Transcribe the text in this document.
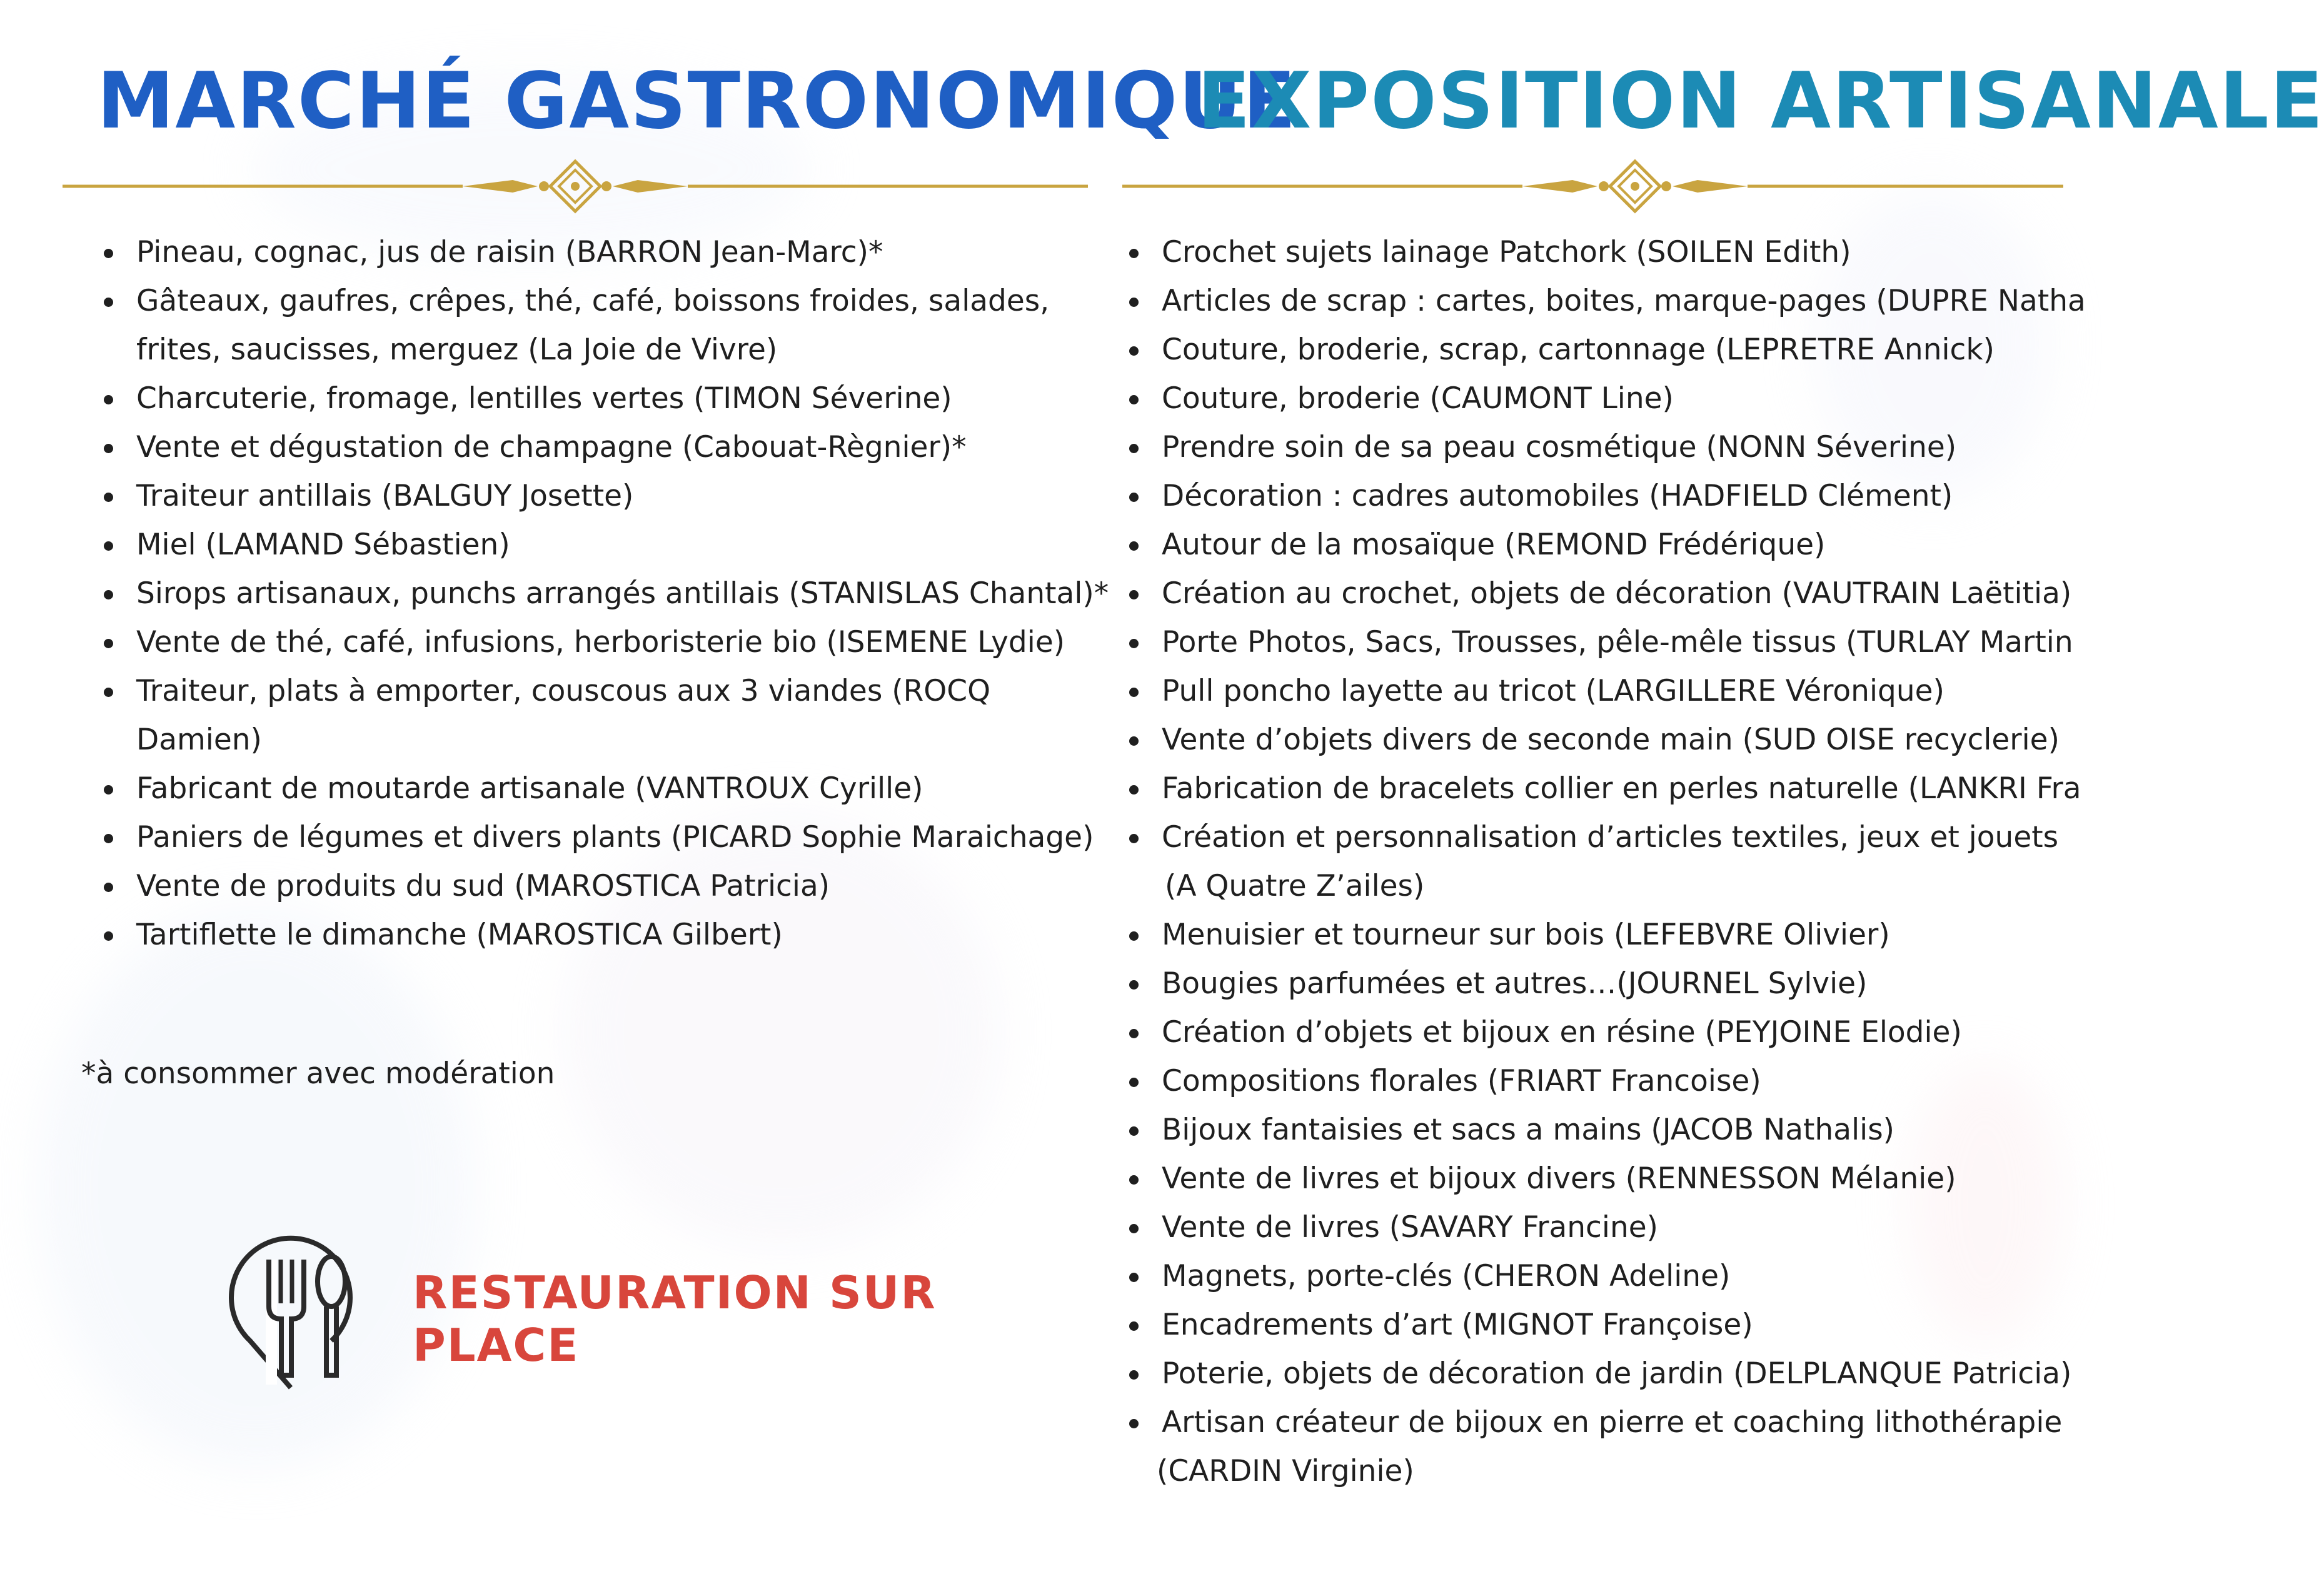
MARCHÉ GASTRONOMIQUE
Pineau, cognac, jus de raisin (BARRON Jean-Marc)*
Gâteaux, gaufres, crêpes, thé, café, boissons froides, salades, frites, saucisses, merguez (La Joie de Vivre)
Charcuterie, fromage, lentilles vertes (TIMON Séverine)
Vente et dégustation de champagne (Cabouat-Règnier)*
Traiteur antillais (BALGUY Josette)
Miel (LAMAND Sébastien)
Sirops artisanaux, punchs arrangés antillais (STANISLAS Chantal)*
Vente de thé, café, infusions, herboristerie bio (ISEMENE Lydie)
Traiteur, plats à emporter, couscous aux 3 viandes (ROCQ Damien)
Fabricant de moutarde artisanale (VANTROUX Cyrille)
Paniers de légumes et divers plants (PICARD Sophie Maraichage)
Vente de produits du sud (MAROSTICA Patricia)
Tartiflette le dimanche (MAROSTICA Gilbert)

*à consommer avec modération

RESTAURATION SUR PLACE
EXPOSITION ARTISANALE
Crochet sujets lainage Patchork (SOILEN Edith)
Articles de scrap : cartes, boites, marque-pages (DUPRE Natha
Couture, broderie, scrap, cartonnage (LEPRETRE Annick)
Couture, broderie (CAUMONT Line)
Prendre soin de sa peau cosmétique (NONN Séverine)
Décoration : cadres automobiles (HADFIELD Clément)
Autour de la mosaïque (REMOND Frédérique)
Création au crochet, objets de décoration (VAUTRAIN Laëtitia)
Porte Photos, Sacs, Trousses, pêle-mêle tissus (TURLAY Martin
Pull poncho layette au tricot (LARGILLERE Véronique)
Vente d’objets divers de seconde main (SUD OISE recyclerie)
Fabrication de bracelets collier en perles naturelle (LANKRI Fra
Création et personnalisation d’articles textiles, jeux et jouets
(A Quatre Z’ailes)
Menuisier et tourneur sur bois (LEFEBVRE Olivier)
Bougies parfumées et autres…(JOURNEL Sylvie)
Création d’objets et bijoux en résine (PEYJOINE Elodie)
Compositions florales (FRIART Francoise)
Bijoux fantaisies et sacs a mains (JACOB Nathalis)
Vente de livres et bijoux divers (RENNESSON Mélanie)
Vente de livres (SAVARY Francine)
Magnets, porte-clés (CHERON Adeline)
Encadrements d’art (MIGNOT Françoise)
Poterie, objets de décoration de jardin (DELPLANQUE Patricia)
Artisan créateur de bijoux en pierre et coaching lithothérapie
(CARDIN Virginie)
